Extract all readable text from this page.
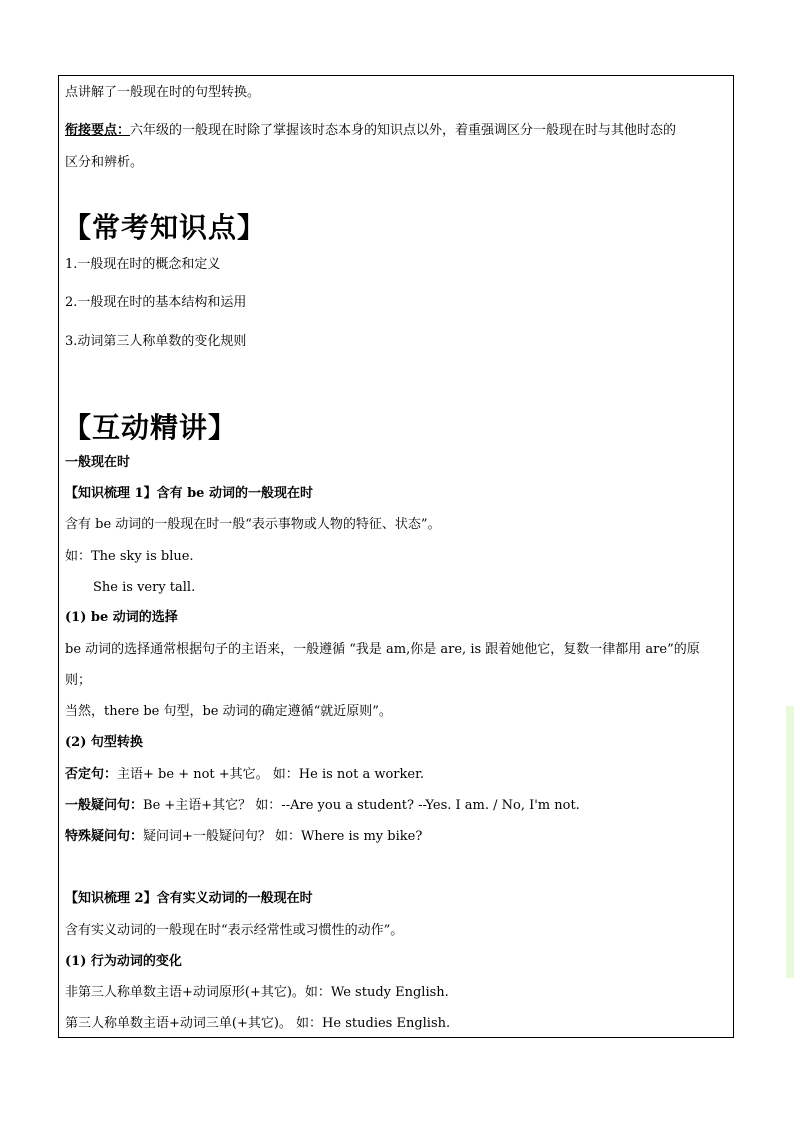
点讲解了一般现在时的句型转换。
衔接要点：六年级的一般现在时除了掌握该时态本身的知识点以外，着重强调区分一般现在时与其他时态的
区分和辨析。
【常考知识点】
1.一般现在时的概念和定义
2.一般现在时的基本结构和运用
3.动词第三人称单数的变化规则
【互动精讲】
一般现在时
【知识梳理 1】含有 be 动词的一般现在时
含有 be 动词的一般现在时一般“表示事物或人物的特征、状态”。
如：The sky is blue.
She is very tall.
(1) be 动词的选择
be 动词的选择通常根据句子的主语来，一般遵循 “我是 am,你是 are, is 跟着她他它，复数一律都用 are”的原
则；
当然，there be 句型，be 动词的确定遵循“就近原则”。
(2) 句型转换
否定句：主语+ be + not +其它。 如：He is not a worker.
一般疑问句：Be +主语+其它？ 如：--Are you a student? --Yes. I am. / No, I'm not.
特殊疑问句：疑问词+一般疑问句？ 如：Where is my bike?
【知识梳理 2】含有实义动词的一般现在时
含有实义动词的一般现在时“表示经常性或习惯性的动作”。
(1) 行为动词的变化
非第三人称单数主语+动词原形(+其它)。如：We study English.
第三人称单数主语+动词三单(+其它)。 如：He studies English.
